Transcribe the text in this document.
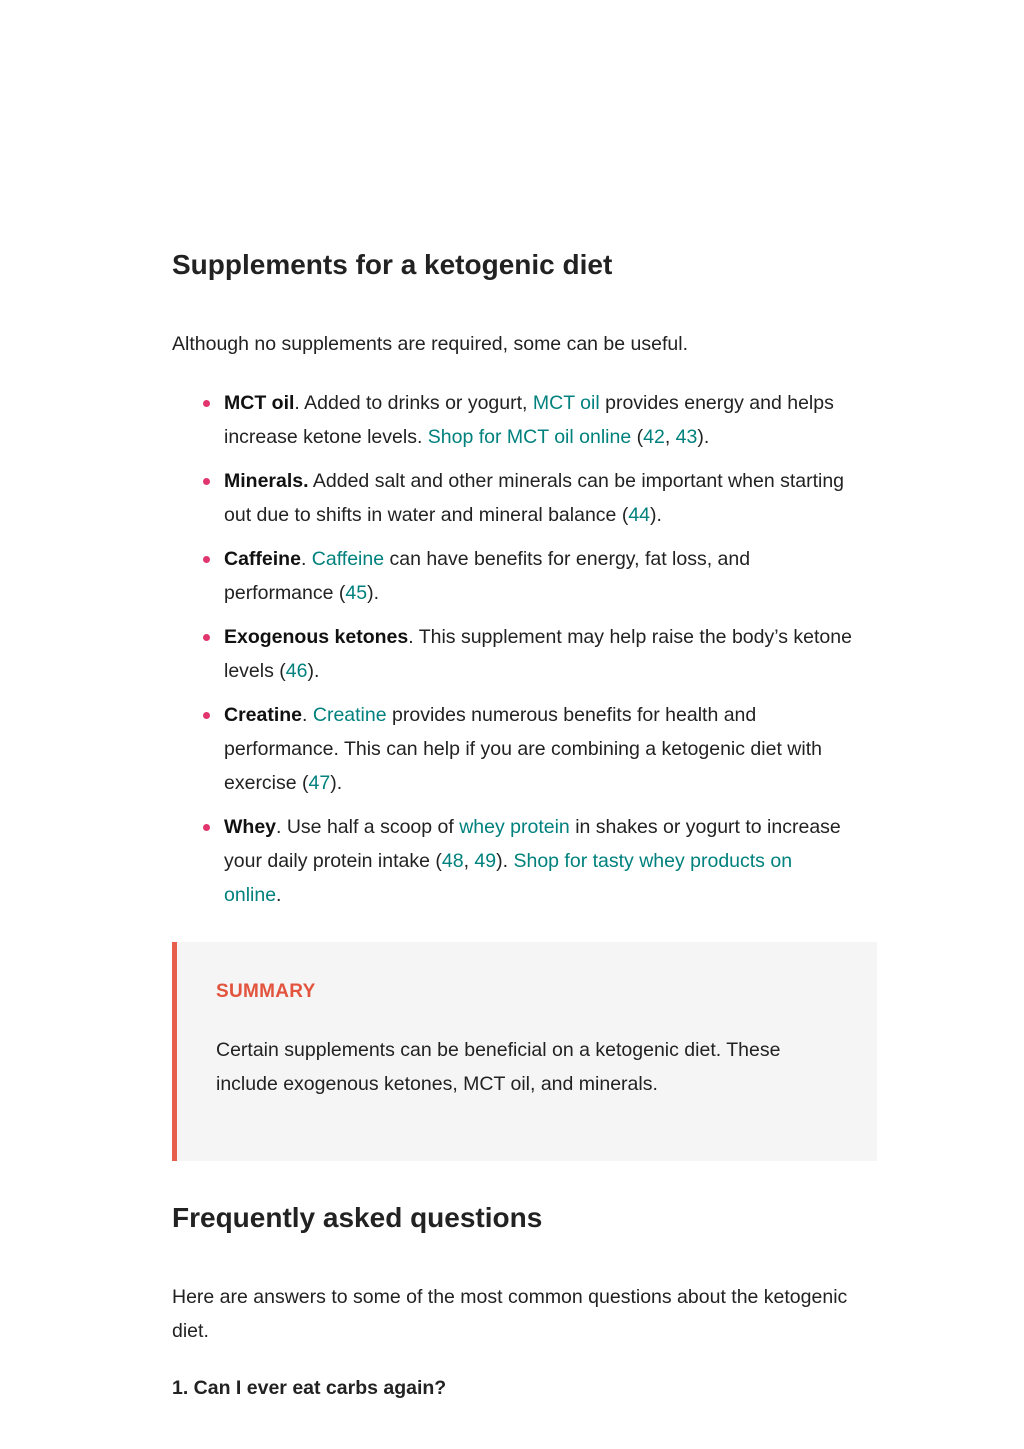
Supplements for a ketogenic diet

Although no supplements are required, some can be useful.

MCT oil. Added to drinks or yogurt, MCT oil provides energy and helps increase ketone levels. Shop for MCT oil online (42, 43).
Minerals. Added salt and other minerals can be important when starting out due to shifts in water and mineral balance (44).
Caffeine. Caffeine can have benefits for energy, fat loss, and performance (45).
Exogenous ketones. This supplement may help raise the body’s ketone levels (46).
Creatine. Creatine provides numerous benefits for health and performance. This can help if you are combining a ketogenic diet with exercise (47).
Whey. Use half a scoop of whey protein in shakes or yogurt to increase your daily protein intake (48, 49). Shop for tasty whey products on online.
SUMMARY
Certain supplements can be beneficial on a ketogenic diet. These include exogenous ketones, MCT oil, and minerals.
Frequently asked questions

Here are answers to some of the most common questions about the ketogenic diet.

1. Can I ever eat carbs again?
